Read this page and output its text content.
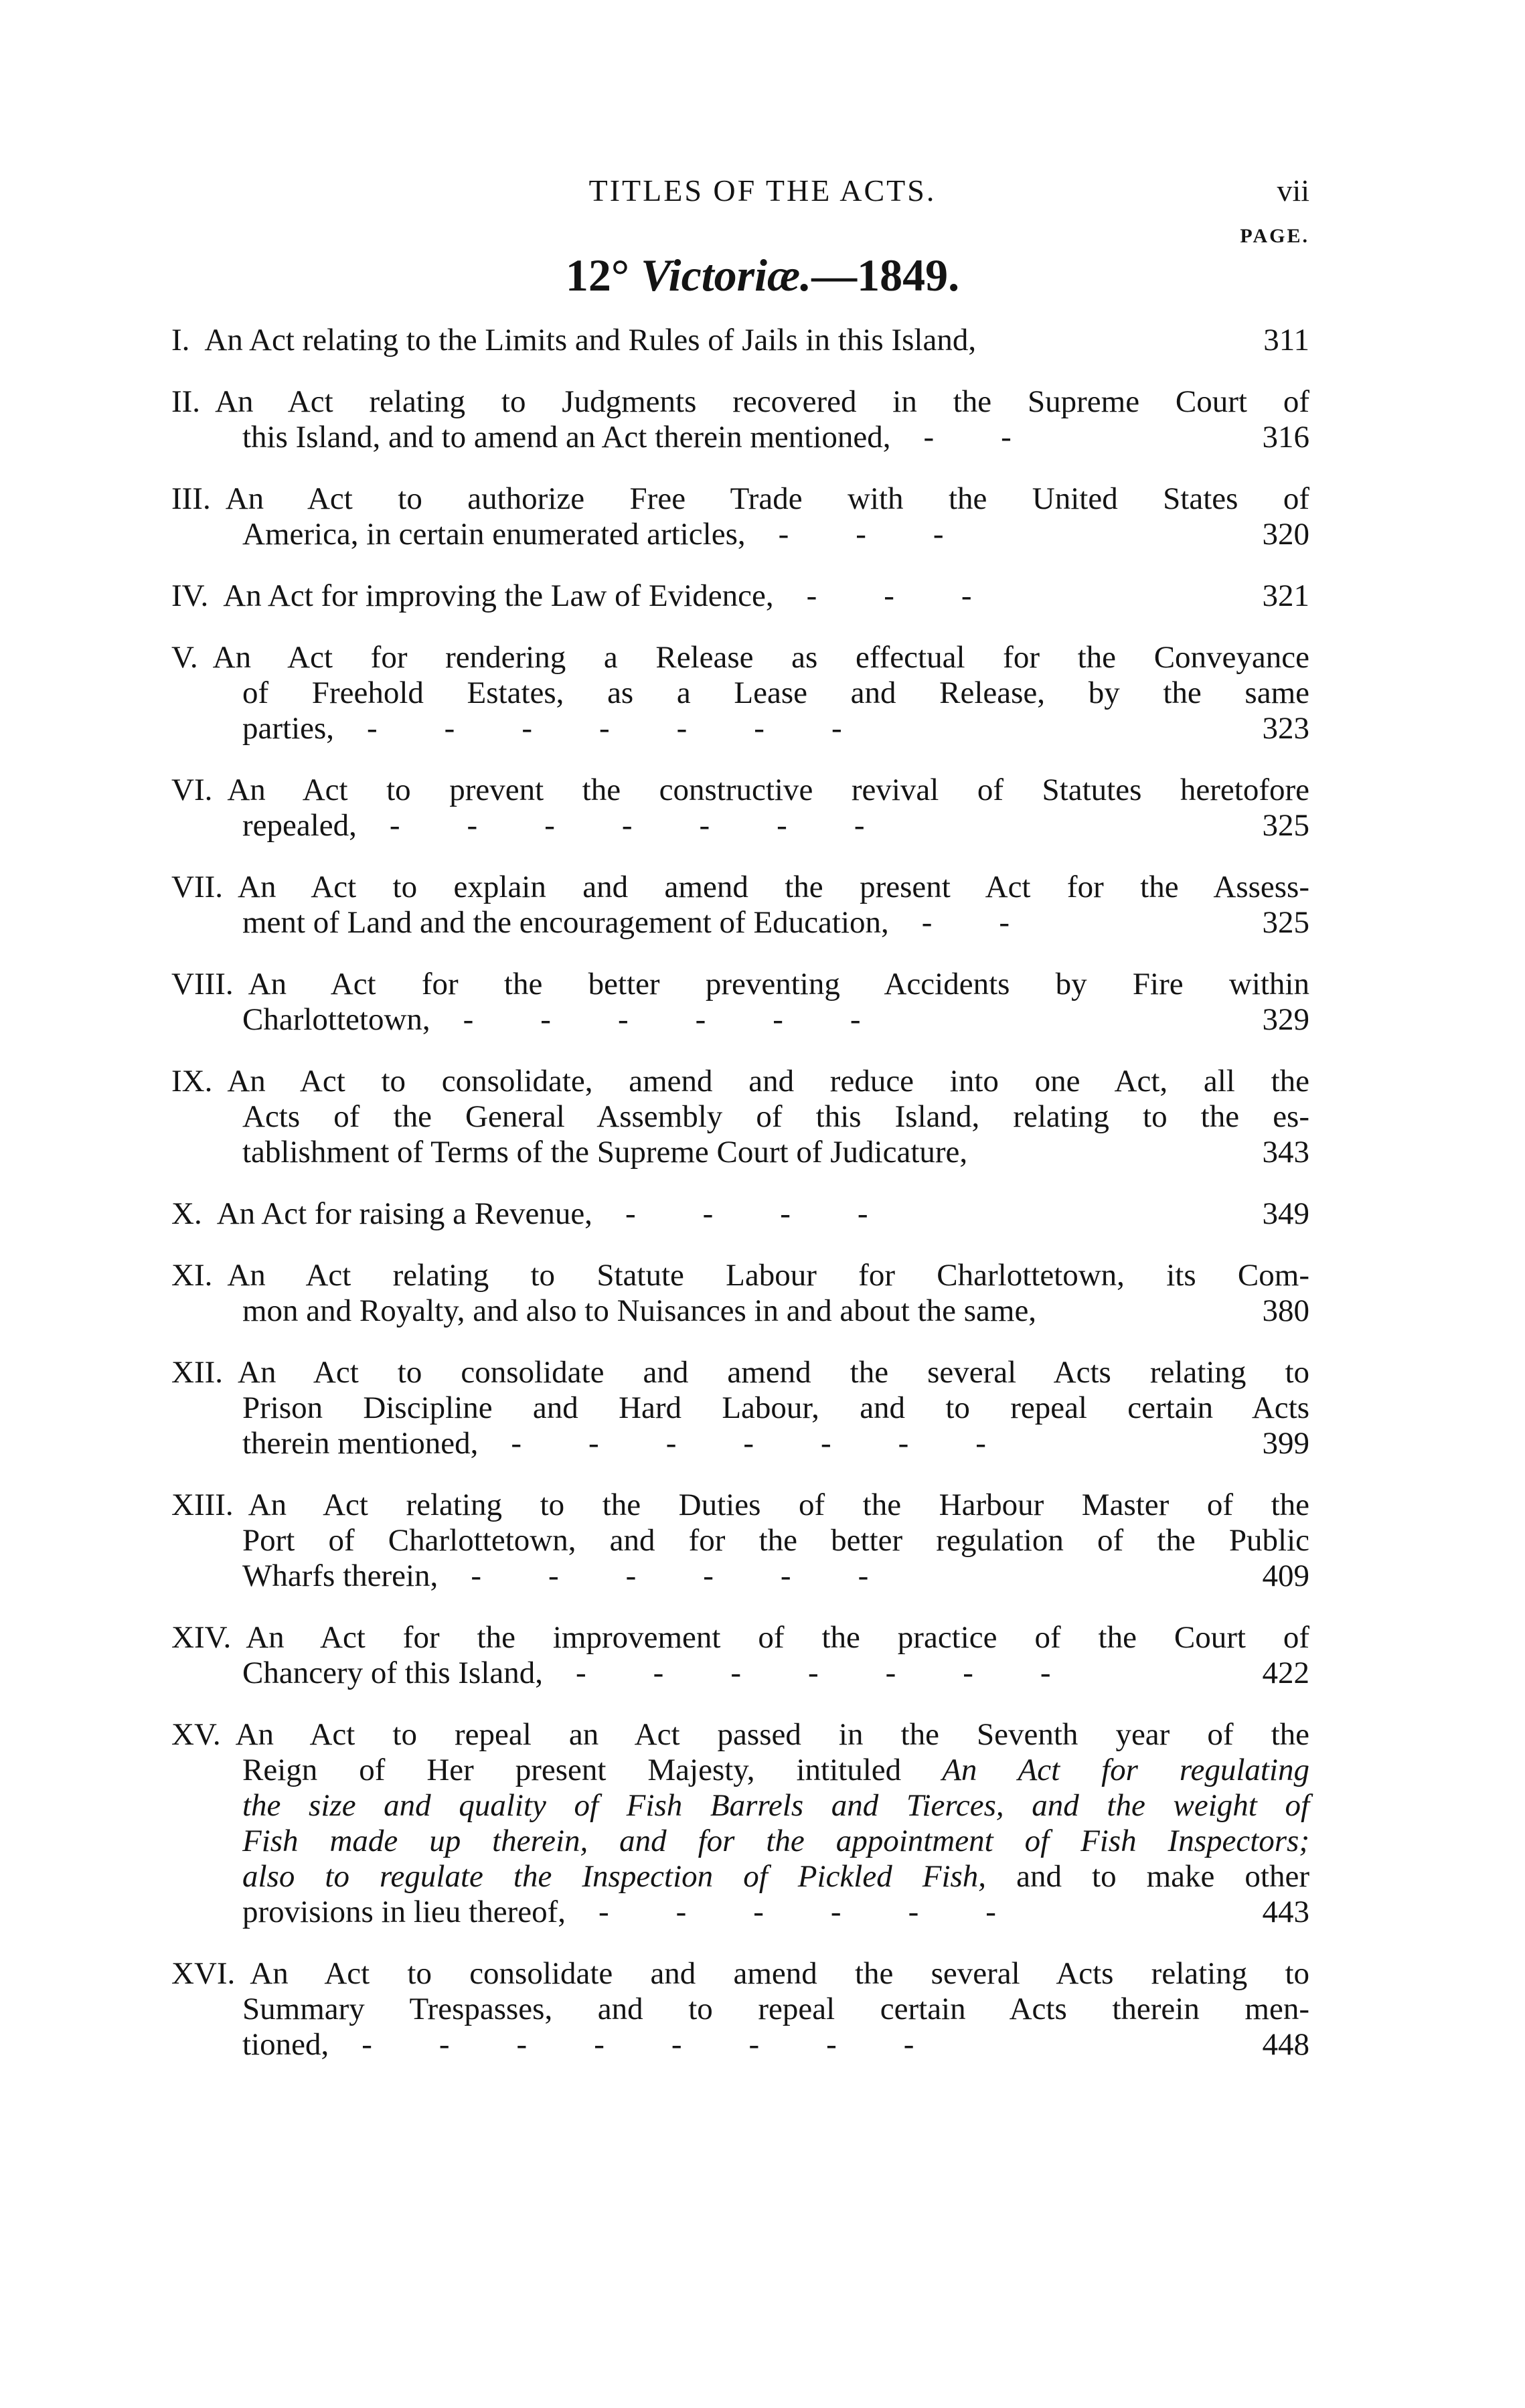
TITLES OF THE ACTS.	vii
PAGE.
12° Victoriæ.—1849.
I. An Act relating to the Limits and Rules of Jails in this Island,	311
II. An Act relating to Judgments recovered in the Supreme Court of
this Island, and to amend an Act therein mentioned, -  -    	316
III. An Act to authorize Free Trade with the United States of
America, in certain enumerated articles, -  -  -    	320
IV. An Act for improving the Law of Evidence, -  -  -    	321
V. An Act for rendering a Release as effectual for the Conveyance
of Freehold Estates, as a Lease and Release, by the same
parties, -  -  -  -  -  -  -    	323
VI. An Act to prevent the constructive revival of Statutes heretofore
repealed, -  -  -  -  -  -  -    	325
VII. An Act to explain and amend the present Act for the Assess-
ment of Land and the encouragement of Education, -  -    	325
VIII. An Act for the better preventing Accidents by Fire within
Charlottetown, -  -  -  -  -  -    	329
IX. An Act to consolidate, amend and reduce into one Act, all the
Acts of the General Assembly of this Island, relating to the es-
tablishment of Terms of the Supreme Court of Judicature,	343
X. An Act for raising a Revenue, -  -  -  -    	349
XI. An Act relating to Statute Labour for Charlottetown, its Com-
mon and Royalty, and also to Nuisances in and about the same,	380
XII. An Act to consolidate and amend the several Acts relating to
Prison Discipline and Hard Labour, and to repeal certain Acts
therein mentioned, -  -  -  -  -  -  -    	399
XIII. An Act relating to the Duties of the Harbour Master of the
Port of Charlottetown, and for the better regulation of the Public
Wharfs therein, -  -  -  -  -  -    	409
XIV. An Act for the improvement of the practice of the Court of
Chancery of this Island, -  -  -  -  -  -  -    	422
XV. An Act to repeal an Act passed in the Seventh year of the
Reign of Her present Majesty, intituled An Act for regulating
the size and quality of Fish Barrels and Tierces, and the weight of
Fish made up therein, and for the appointment of Fish Inspectors;
also to regulate the Inspection of Pickled Fish, and to make other
provisions in lieu thereof, -  -  -  -  -  -    	443
XVI. An Act to consolidate and amend the several Acts relating to
Summary Trespasses, and to repeal certain Acts therein men-
tioned, -  -  -  -  -  -  -  -    	448
